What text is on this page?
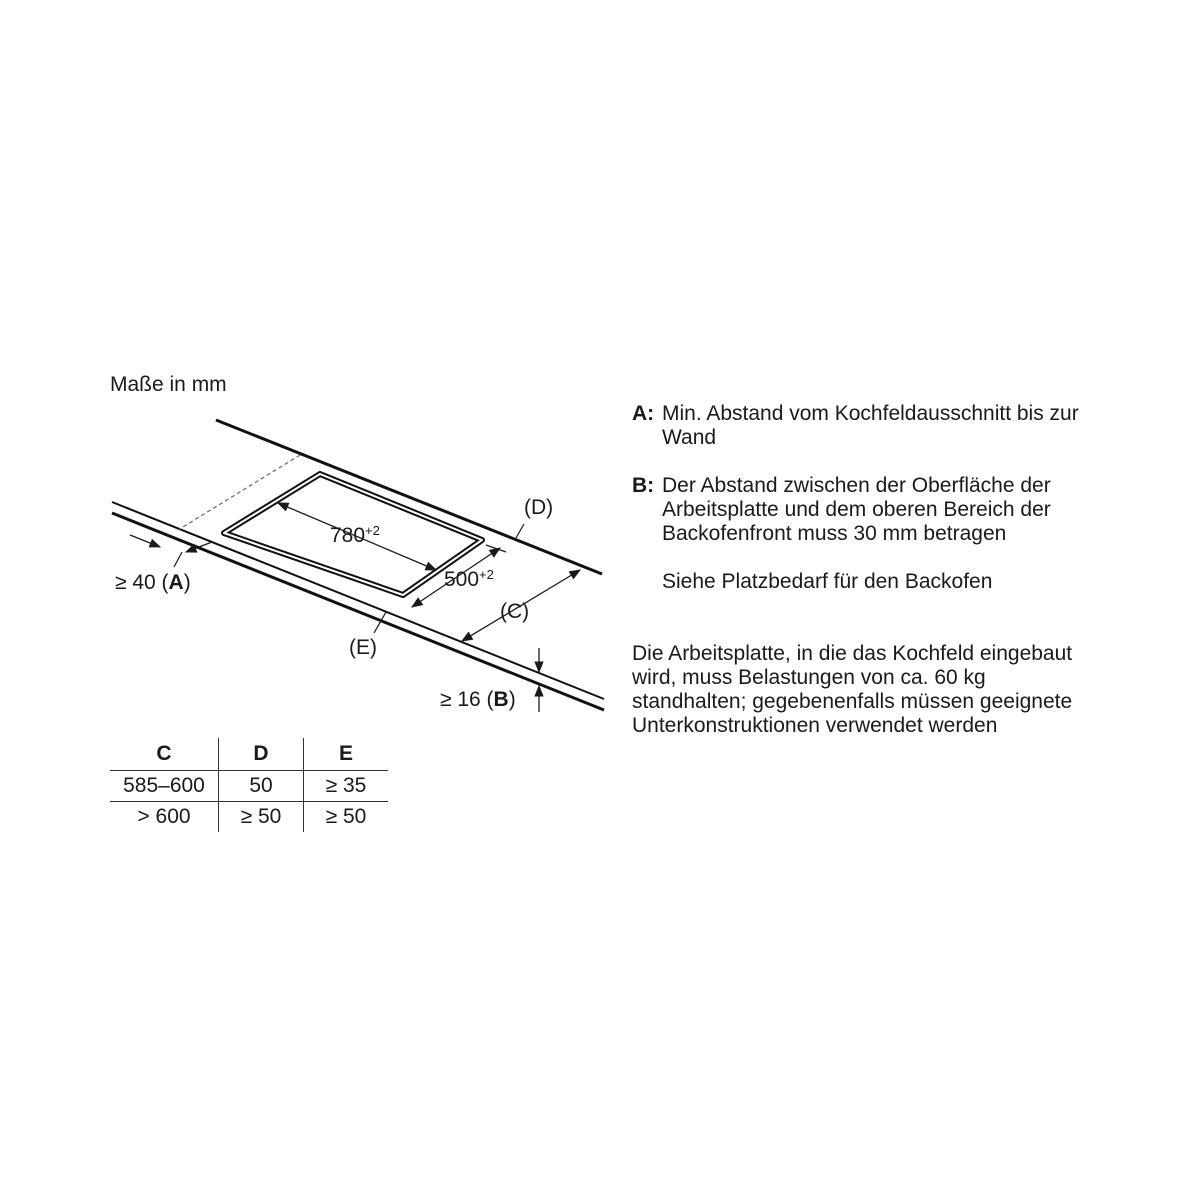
Maße in mm
$780^{+2}$
$500^{+2}$
(D)
(C)
(E)
≥ 40 (A)
≥ 16 (B)
C	D	E
585–600	50	≥ 35
> 600	≥ 50	≥ 50
A: Min. Abstand vom Kochfeldausschnitt bis zur Wand

B: Der Abstand zwischen der Oberfläche der Arbeitsplatte und dem oberen Bereich der Backofenfront muss 30 mm betragen

Siehe Platzbedarf für den Backofen

Die Arbeitsplatte, in die das Kochfeld eingebaut wird, muss Belastungen von ca. 60 kg standhalten; gegebenenfalls müssen geeignete Unterkonstruktionen verwendet werden
